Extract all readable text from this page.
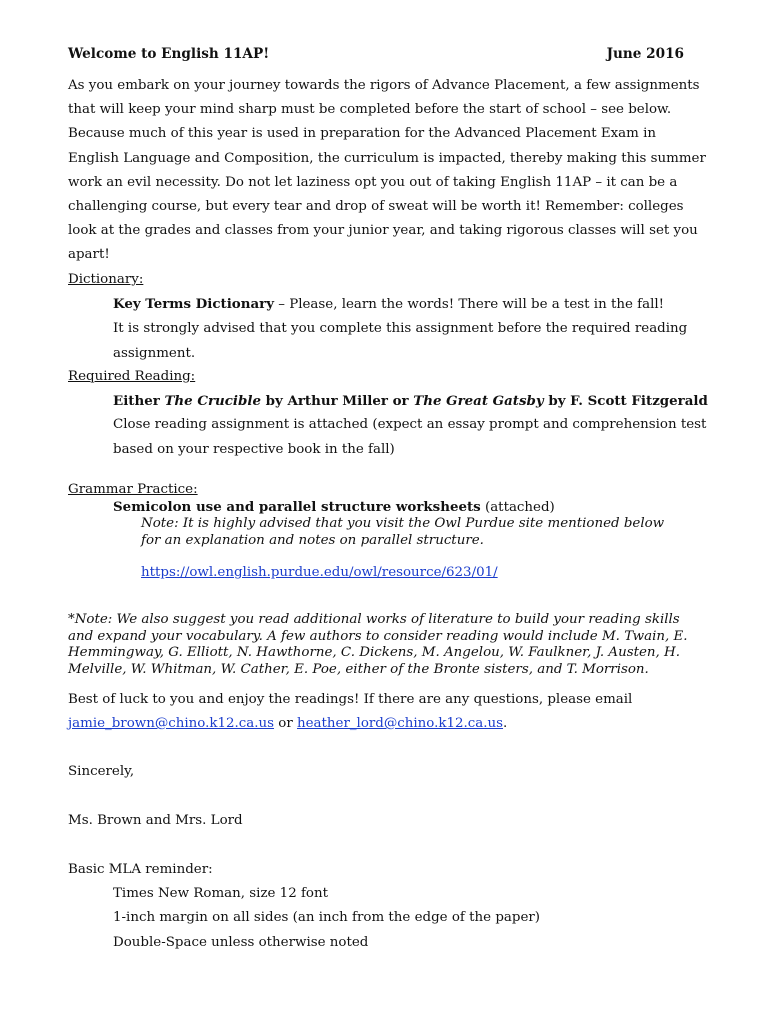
Welcome to English 11AP!	June 2016
As you embark on your journey towards the rigors of Advance Placement, a few assignments that will keep your mind sharp must be completed before the start of school – see below. Because much of this year is used in preparation for the Advanced Placement Exam in English Language and Composition, the curriculum is impacted, thereby making this summer work an evil necessity. Do not let laziness opt you out of taking English 11AP – it can be a challenging course, but every tear and drop of sweat will be worth it! Remember: colleges look at the grades and classes from your junior year, and taking rigorous classes will set you apart!
Dictionary:
Key Terms Dictionary – Please, learn the words! There will be a test in the fall!
It is strongly advised that you complete this assignment before the required reading assignment.
Required Reading:
Either The Crucible by Arthur Miller or The Great Gatsby by F. Scott Fitzgerald
Close reading assignment is attached (expect an essay prompt and comprehension test based on your respective book in the fall)
Grammar Practice:
Semicolon use and parallel structure worksheets (attached)
Note: It is highly advised that you visit the Owl Purdue site mentioned below for an explanation and notes on parallel structure.
https://owl.english.purdue.edu/owl/resource/623/01/
*Note: We also suggest you read additional works of literature to build your reading skills and expand your vocabulary. A few authors to consider reading would include M. Twain, E. Hemmingway, G. Elliott, N. Hawthorne, C. Dickens, M. Angelou, W. Faulkner, J. Austen, H. Melville, W. Whitman, W. Cather, E. Poe, either of the Bronte sisters, and T. Morrison.
Best of luck to you and enjoy the readings! If there are any questions, please email
jamie_brown@chino.k12.ca.us or heather_lord@chino.k12.ca.us.
Sincerely,
Ms. Brown and Mrs. Lord
Basic MLA reminder:
Times New Roman, size 12 font
1-inch margin on all sides (an inch from the edge of the paper)
Double-Space unless otherwise noted
